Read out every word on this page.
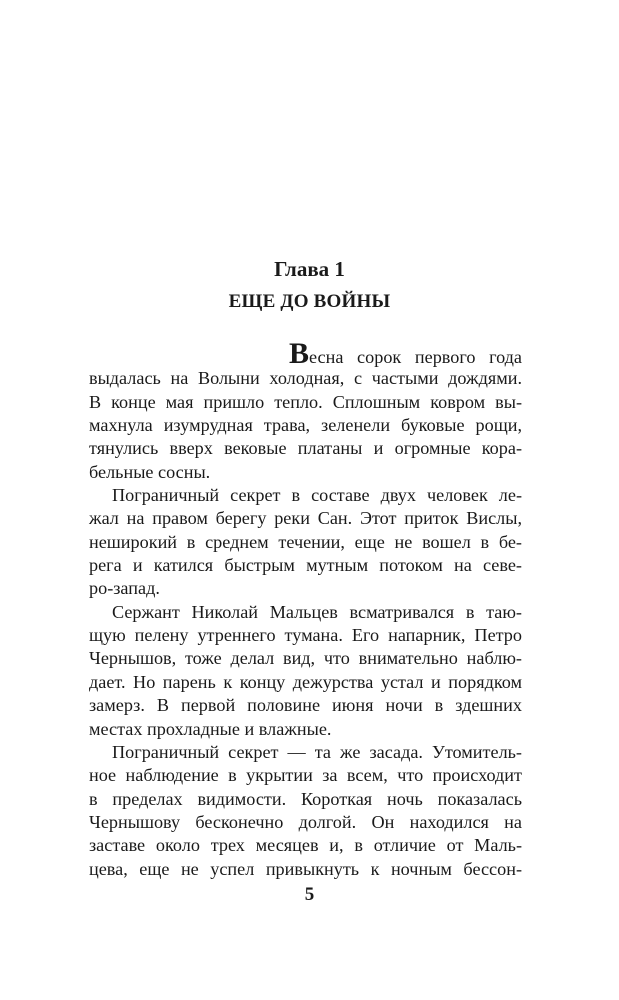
Глава 1
ЕЩЕ ДО ВОЙНЫ
Весна сорок первого года
выдалась на Волыни холодная, с частыми дождями.
В конце мая пришло тепло. Сплошным ковром вы-
махнула изумрудная трава, зеленели буковые рощи,
тянулись вверх вековые платаны и огромные кора-
бельные сосны.
Пограничный секрет в составе двух человек ле-
жал на правом берегу реки Сан. Этот приток Вислы,
неширокий в среднем течении, еще не вошел в бе-
рега и катился быстрым мутным потоком на севе-
ро-запад.
Сержант Николай Мальцев всматривался в таю-
щую пелену утреннего тумана. Его напарник, Петро
Чернышов, тоже делал вид, что внимательно наблю-
дает. Но парень к концу дежурства устал и порядком
замерз. В первой половине июня ночи в здешних
местах прохладные и влажные.
Пограничный секрет — та же засада. Утомитель-
ное наблюдение в укрытии за всем, что происходит
в пределах видимости. Короткая ночь показалась
Чернышову бесконечно долгой. Он находился на
заставе около трех месяцев и, в отличие от Маль-
цева, еще не успел привыкнуть к ночным бессон-
5
